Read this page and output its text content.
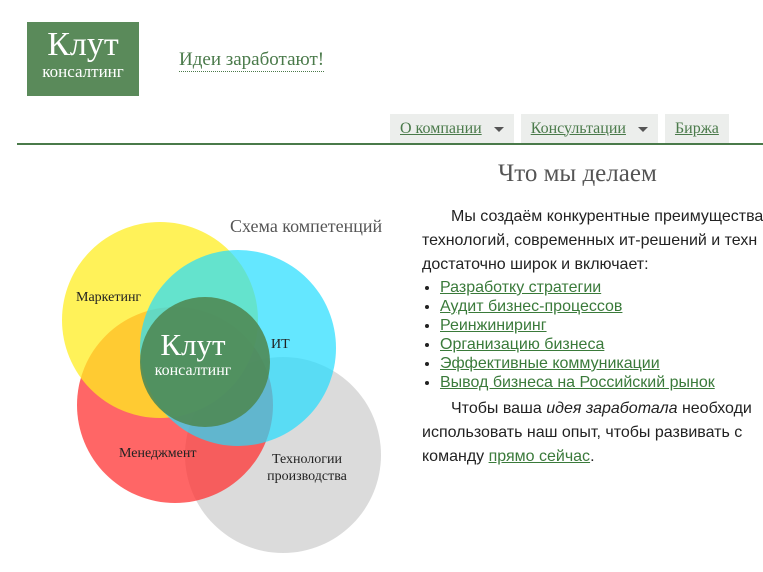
Клут
консалтинг
Идеи заработают!
О компании	Консультации	Биржа
Схема компетенций
Маркетинг
ИТ
Менеджмент	Технологии
производства
Клут
консалтинг
Что мы делаем

Мы создаём конкурентные преимущества
технологий, современных ит-решений и техн
достаточно широк и включает:

• Разработку стратегии
• Аудит бизнес-процессов
• Реинжиниринг
• Организацию бизнеса
• Эффективные коммуникации
• Вывод бизнеса на Российский рынок

Чтобы ваша идея заработала необходи
использовать наш опыт, чтобы развивать с
команду прямо сейчас.
